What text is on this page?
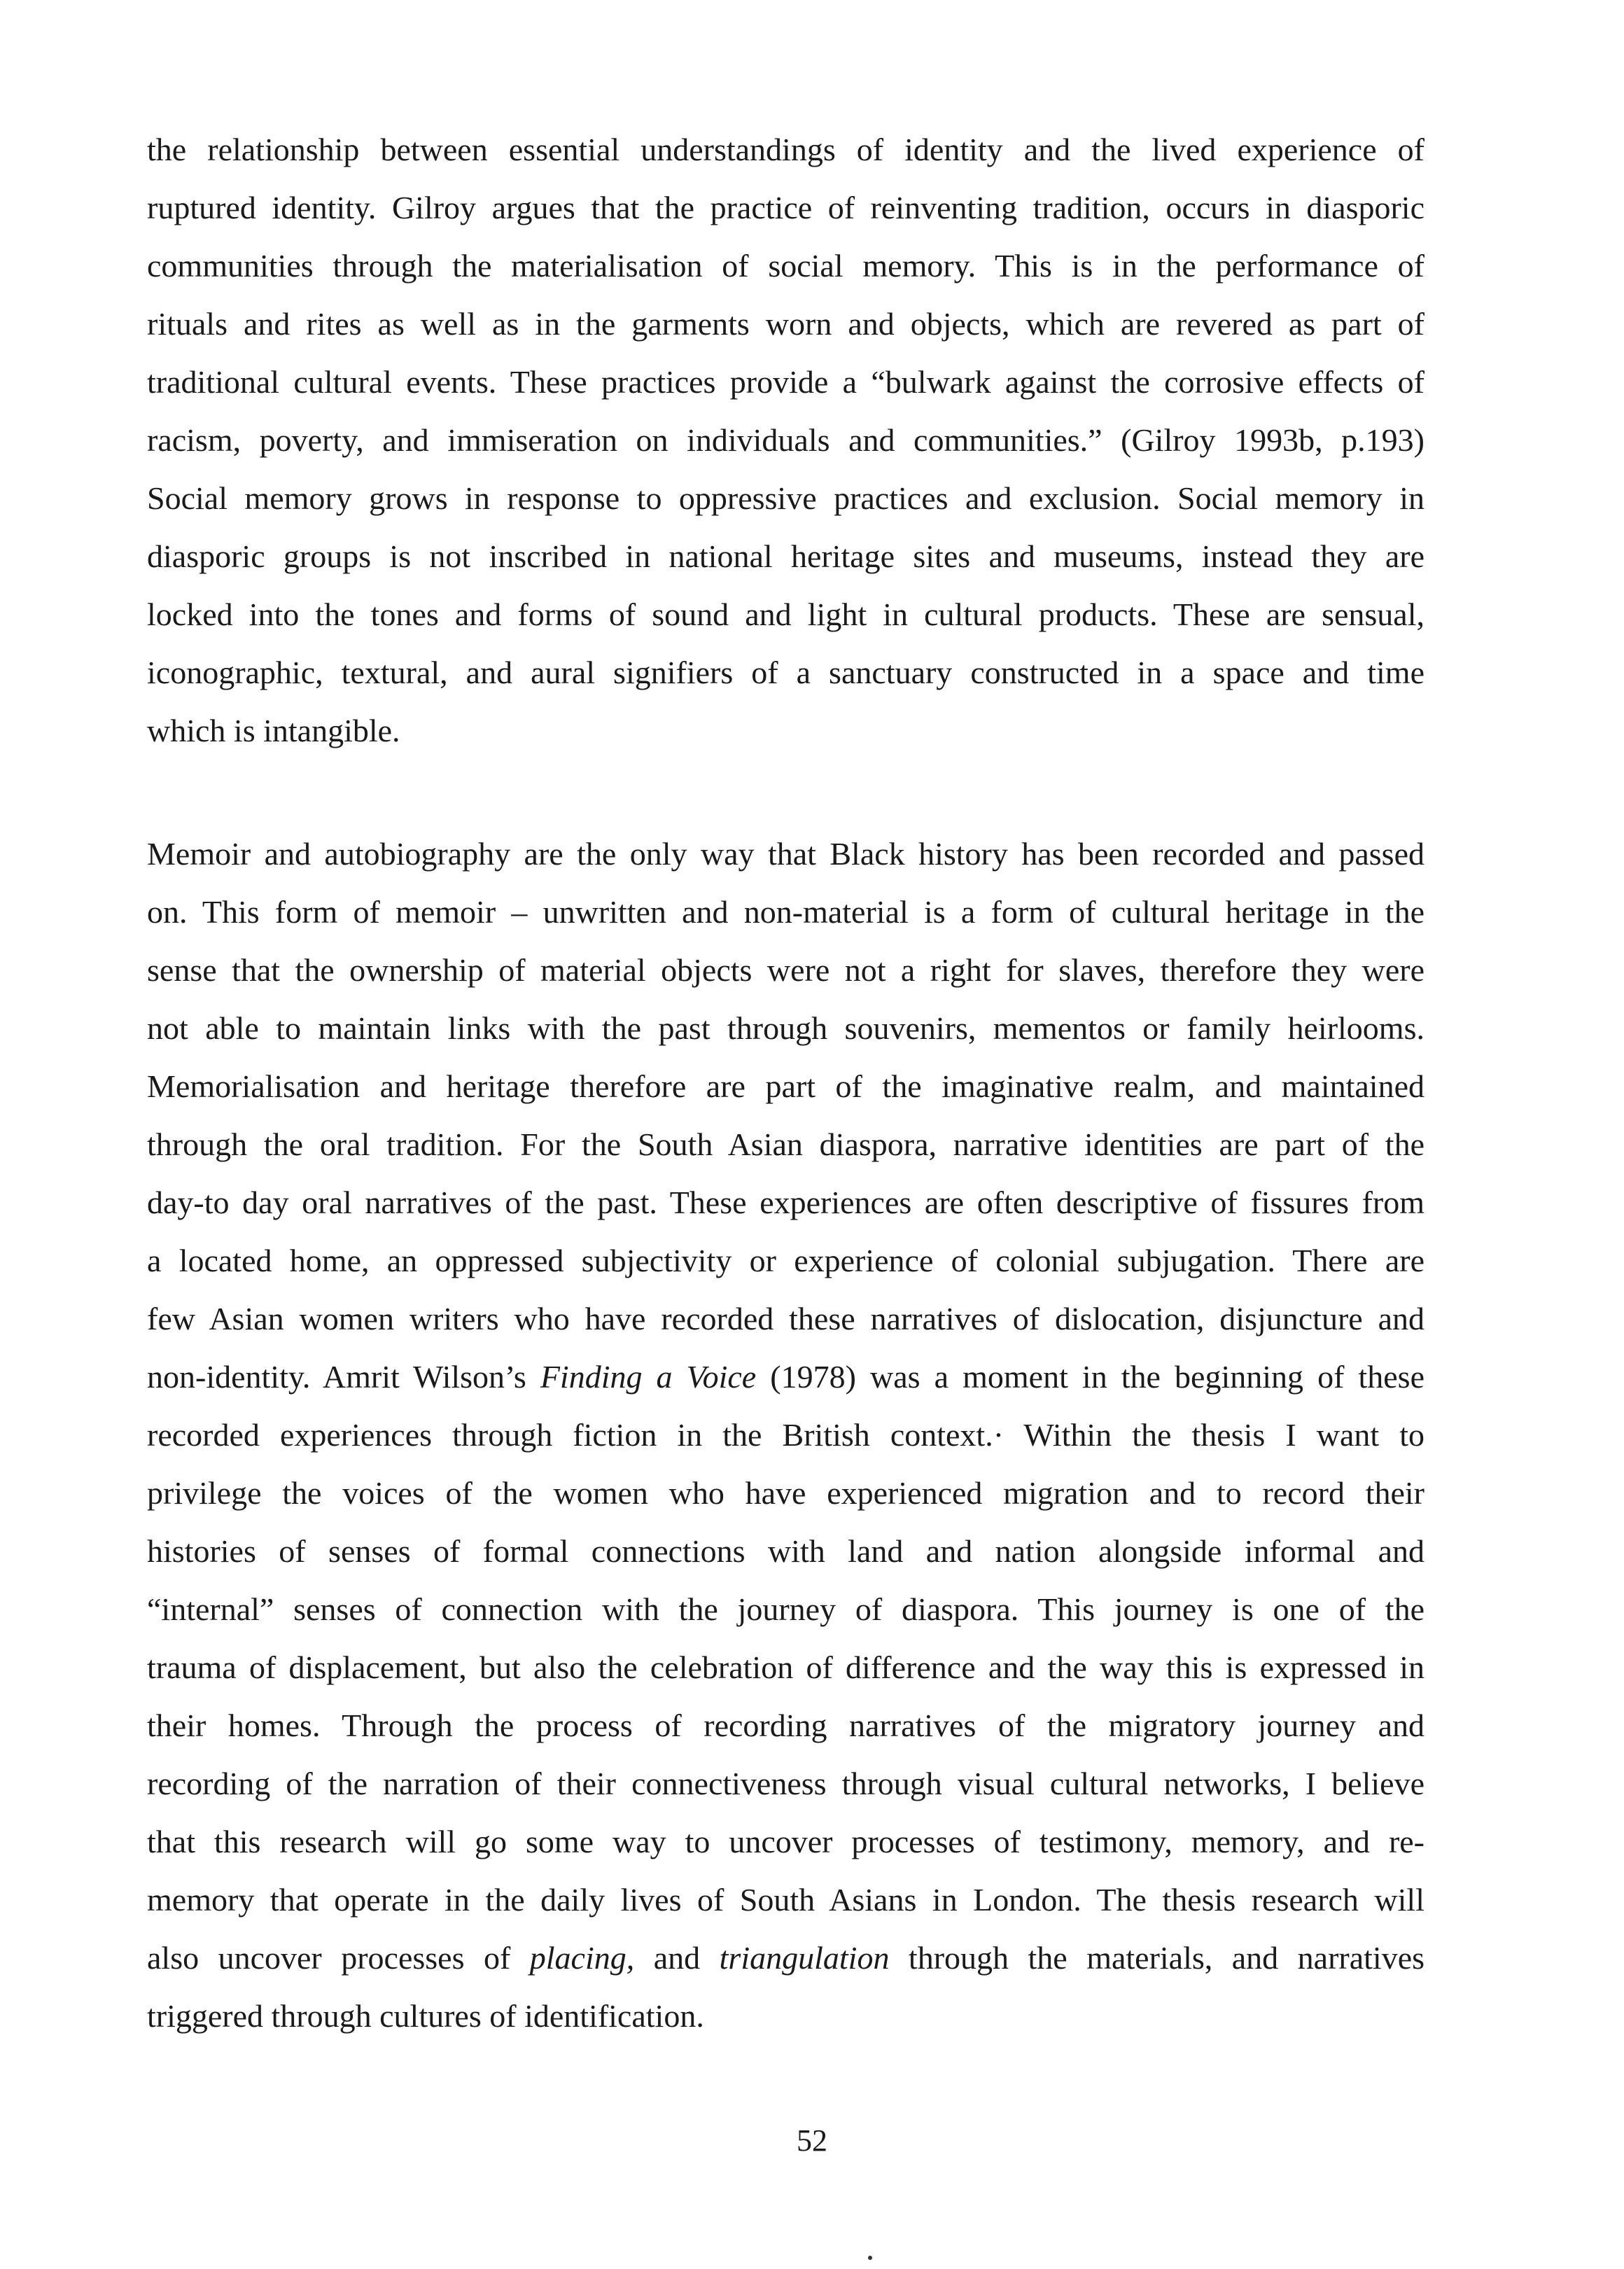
the relationship between essential understandings of identity and the lived experience of
ruptured identity. Gilroy argues that the practice of reinventing tradition, occurs in diasporic
communities through the materialisation of social memory. This is in the performance of
rituals and rites as well as in the garments worn and objects, which are revered as part of
traditional cultural events. These practices provide a “bulwark against the corrosive effects of
racism, poverty, and immiseration on individuals and communities.” (Gilroy 1993b, p.193)
Social memory grows in response to oppressive practices and exclusion. Social memory in
diasporic groups is not inscribed in national heritage sites and museums, instead they are
locked into the tones and forms of sound and light in cultural products. These are sensual,
iconographic, textural, and aural signifiers of a sanctuary constructed in a space and time
which is intangible.
Memoir and autobiography are the only way that Black history has been recorded and passed
on. This form of memoir – unwritten and non-material is a form of cultural heritage in the
sense that the ownership of material objects were not a right for slaves, therefore they were
not able to maintain links with the past through souvenirs, mementos or family heirlooms.
Memorialisation and heritage therefore are part of the imaginative realm, and maintained
through the oral tradition. For the South Asian diaspora, narrative identities are part of the
day-to day oral narratives of the past. These experiences are often descriptive of fissures from
a located home, an oppressed subjectivity or experience of colonial subjugation. There are
few Asian women writers who have recorded these narratives of dislocation, disjuncture and
non-identity. Amrit Wilson’s Finding a Voice (1978) was a moment in the beginning of these
recorded experiences through fiction in the British context.· Within the thesis I want to
privilege the voices of the women who have experienced migration and to record their
histories of senses of formal connections with land and nation alongside informal and
“internal” senses of connection with the journey of diaspora. This journey is one of the
trauma of displacement, but also the celebration of difference and the way this is expressed in
their homes. Through the process of recording narratives of the migratory journey and
recording of the narration of their connectiveness through visual cultural networks, I believe
that this research will go some way to uncover processes of testimony, memory, and re-
memory that operate in the daily lives of South Asians in London. The thesis research will
also uncover processes of placing, and triangulation through the materials, and narratives
triggered through cultures of identification.
52
